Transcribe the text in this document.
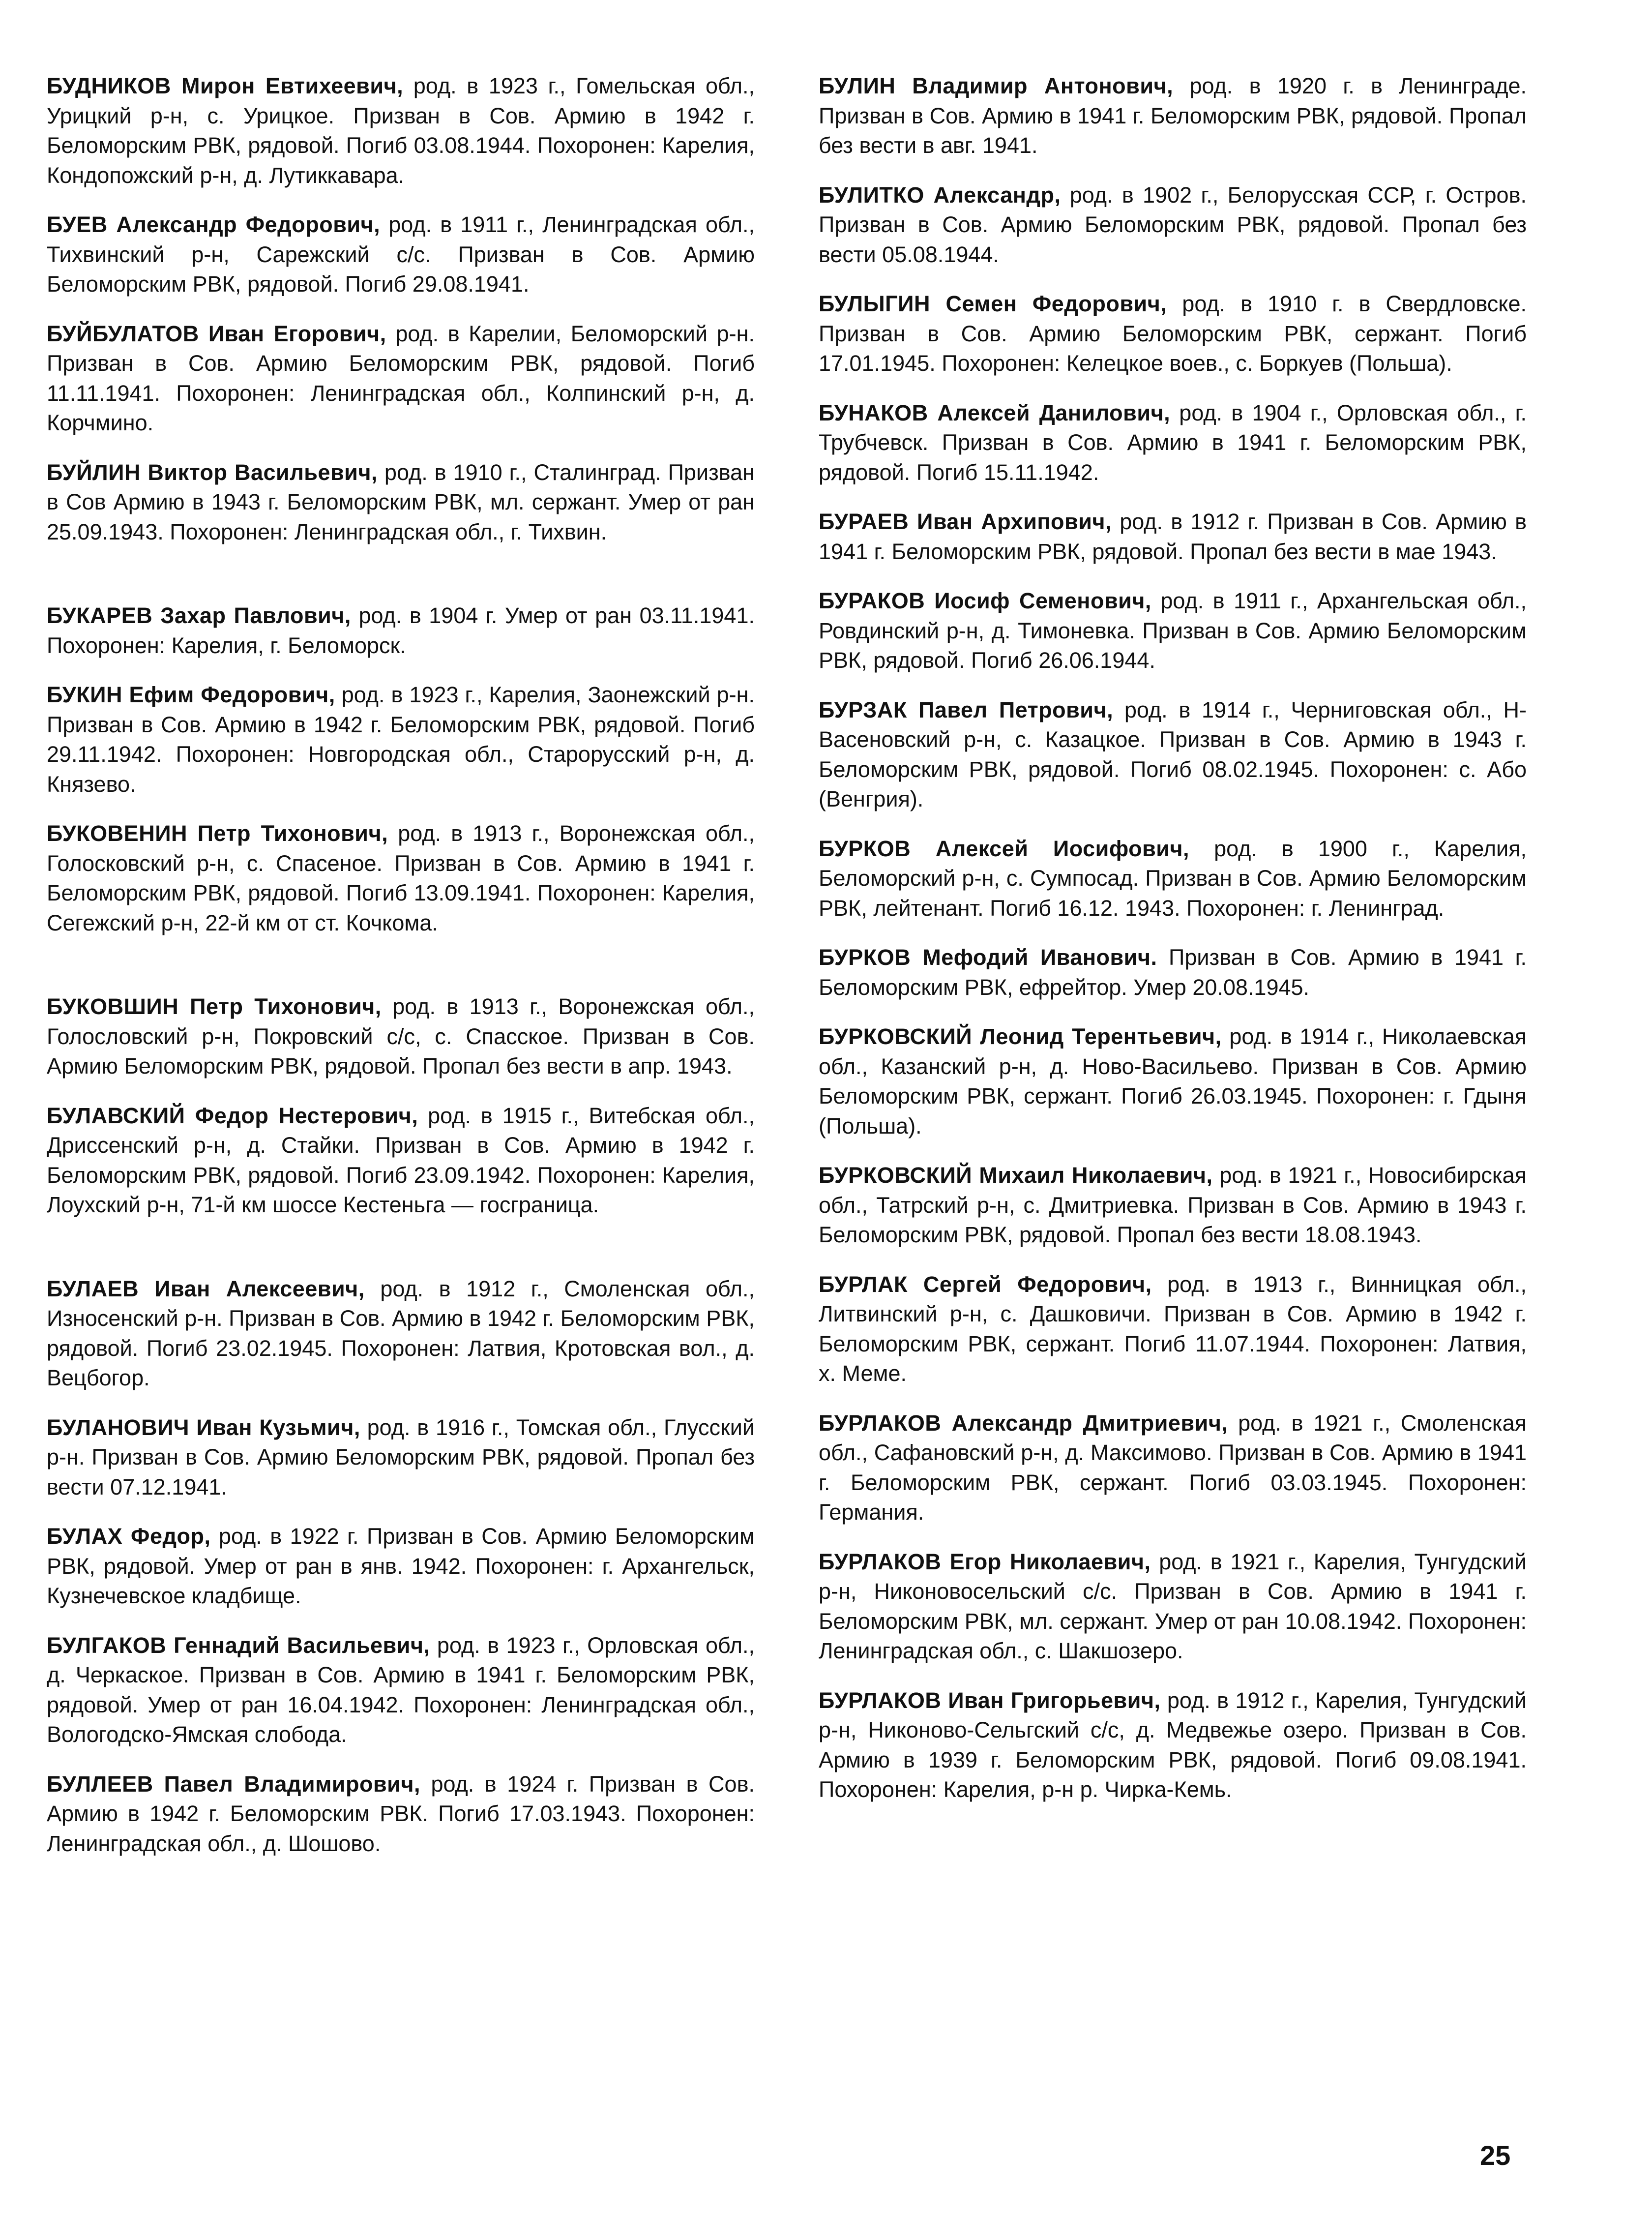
БУДНИКОВ Мирон Евтихеевич, род. в 1923 г., Гомельская обл., Урицкий р-н, с. Урицкое. Призван в Сов. Армию в 1942 г. Беломорским РВК, рядовой. Погиб 03.08.1944. Похоронен: Карелия, Кондопожский р-н, д. Лутиккавара.

БУЕВ Александр Федорович, род. в 1911 г., Ленинградская обл., Тихвинский р-н, Сарежский с/с. Призван в Сов. Армию Беломорским РВК, рядовой. Погиб 29.08.1941.

БУЙБУЛАТОВ Иван Егорович, род. в Карелии, Беломорский р-н. Призван в Сов. Армию Беломорским РВК, рядовой. Погиб 11.11.1941. Похоронен: Ленинградская обл., Колпинский р-н, д. Корчмино.

БУЙЛИН Виктор Васильевич, род. в 1910 г., Сталинград. Призван в Сов Армию в 1943 г. Беломорским РВК, мл. сержант. Умер от ран 25.09.1943. Похоронен: Ленинградская обл., г. Тихвин.

БУКАРЕВ Захар Павлович, род. в 1904 г. Умер от ран 03.11.1941. Похоронен: Карелия, г. Беломорск.

БУКИН Ефим Федорович, род. в 1923 г., Карелия, Заонежский р-н. Призван в Сов. Армию в 1942 г. Беломорским РВК, рядовой. Погиб 29.11.1942. Похоронен: Новгородская обл., Старорусский р-н, д. Князево.

БУКОВЕНИН Петр Тихонович, род. в 1913 г., Воронежская обл., Голосковский р-н, с. Спасеное. Призван в Сов. Армию в 1941 г. Беломорским РВК, рядовой. Погиб 13.09.1941. Похоронен: Карелия, Сегежский р-н, 22-й км от ст. Кочкома.

БУКОВШИН Петр Тихонович, род. в 1913 г., Воронежская обл., Голословский р-н, Покровский с/с, с. Спасское. Призван в Сов. Армию Беломорским РВК, рядовой. Пропал без вести в апр. 1943.

БУЛАВСКИЙ Федор Нестерович, род. в 1915 г., Витебская обл., Дриссенский р-н, д. Стайки. Призван в Сов. Армию в 1942 г. Беломорским РВК, рядовой. Погиб 23.09.1942. Похоронен: Карелия, Лоухский р-н, 71-й км шоссе Кестеньга — госграница.

БУЛАЕВ Иван Алексеевич, род. в 1912 г., Смоленская обл., Износенский р-н. Призван в Сов. Армию в 1942 г. Беломорским РВК, рядовой. Погиб 23.02.1945. Похоронен: Латвия, Кротовская вол., д. Вецбогор.

БУЛАНОВИЧ Иван Кузьмич, род. в 1916 г., Томская обл., Глусский р-н. Призван в Сов. Армию Беломорским РВК, рядовой. Пропал без вести 07.12.1941.

БУЛАХ Федор, род. в 1922 г. Призван в Сов. Армию Беломорским РВК, рядовой. Умер от ран в янв. 1942. Похоронен: г. Архангельск, Кузнечевское кладбище.

БУЛГАКОВ Геннадий Васильевич, род. в 1923 г., Орловская обл., д. Черкаское. Призван в Сов. Армию в 1941 г. Беломорским РВК, рядовой. Умер от ран 16.04.1942. Похоронен: Ленинградская обл., Вологодско-Ямская слобода.

БУЛЛЕЕВ Павел Владимирович, род. в 1924 г. Призван в Сов. Армию в 1942 г. Беломорским РВК. Погиб 17.03.1943. Похоронен: Ленинградская обл., д. Шошово.

БУЛИН Владимир Антонович, род. в 1920 г. в Ленинграде. Призван в Сов. Армию в 1941 г. Беломорским РВК, рядовой. Пропал без вести в авг. 1941.

БУЛИТКО Александр, род. в 1902 г., Белорусская ССР, г. Остров. Призван в Сов. Армию Беломорским РВК, рядовой. Пропал без вести 05.08.1944.

БУЛЫГИН Семен Федорович, род. в 1910 г. в Свердловске. Призван в Сов. Армию Беломорским РВК, сержант. Погиб 17.01.1945. Похоронен: Келецкое воев., с. Боркуев (Польша).

БУНАКОВ Алексей Данилович, род. в 1904 г., Орловская обл., г. Трубчевск. Призван в Сов. Армию в 1941 г. Беломорским РВК, рядовой. Погиб 15.11.1942.

БУРАЕВ Иван Архипович, род. в 1912 г. Призван в Сов. Армию в 1941 г. Беломорским РВК, рядовой. Пропал без вести в мае 1943.

БУРАКОВ Иосиф Семенович, род. в 1911 г., Архангельская обл., Ровдинский р-н, д. Тимоневка. Призван в Сов. Армию Беломорским РВК, рядовой. Погиб 26.06.1944.

БУРЗАК Павел Петрович, род. в 1914 г., Черниговская обл., Н-Васеновский р-н, с. Казацкое. Призван в Сов. Армию в 1943 г. Беломорским РВК, рядовой. Погиб 08.02.1945. Похоронен: с. Або (Венгрия).

БУРКОВ Алексей Иосифович, род. в 1900 г., Карелия, Беломорский р-н, с. Сумпосад. Призван в Сов. Армию Беломорским РВК, лейтенант. Погиб 16.12. 1943. Похоронен: г. Ленинград.

БУРКОВ Мефодий Иванович. Призван в Сов. Армию в 1941 г. Беломорским РВК, ефрейтор. Умер 20.08.1945.

БУРКОВСКИЙ Леонид Терентьевич, род. в 1914 г., Николаевская обл., Казанский р-н, д. Ново-Васильево. Призван в Сов. Армию Беломорским РВК, сержант. Погиб 26.03.1945. Похоронен: г. Гдыня (Польша).

БУРКОВСКИЙ Михаил Николаевич, род. в 1921 г., Новосибирская обл., Татрский р-н, с. Дмитриевка. Призван в Сов. Армию в 1943 г. Беломорским РВК, рядовой. Пропал без вести 18.08.1943.

БУРЛАК Сергей Федорович, род. в 1913 г., Винницкая обл., Литвинский р-н, с. Дашковичи. Призван в Сов. Армию в 1942 г. Беломорским РВК, сержант. Погиб 11.07.1944. Похоронен: Латвия, х. Меме.

БУРЛАКОВ Александр Дмитриевич, род. в 1921 г., Смоленская обл., Сафановский р-н, д. Максимово. Призван в Сов. Армию в 1941 г. Беломорским РВК, сержант. Погиб 03.03.1945. Похоронен: Германия.

БУРЛАКОВ Егор Николаевич, род. в 1921 г., Карелия, Тунгудский р-н, Никоновосельский с/с. Призван в Сов. Армию в 1941 г. Беломорским РВК, мл. сержант. Умер от ран 10.08.1942. Похоронен: Ленинградская обл., с. Шакшозеро.

БУРЛАКОВ Иван Григорьевич, род. в 1912 г., Карелия, Тунгудский р-н, Никоново-Сельгский с/с, д. Медвежье озеро. Призван в Сов. Армию в 1939 г. Беломорским РВК, рядовой. Погиб 09.08.1941. Похоронен: Карелия, р-н р. Чирка-Кемь.

25
